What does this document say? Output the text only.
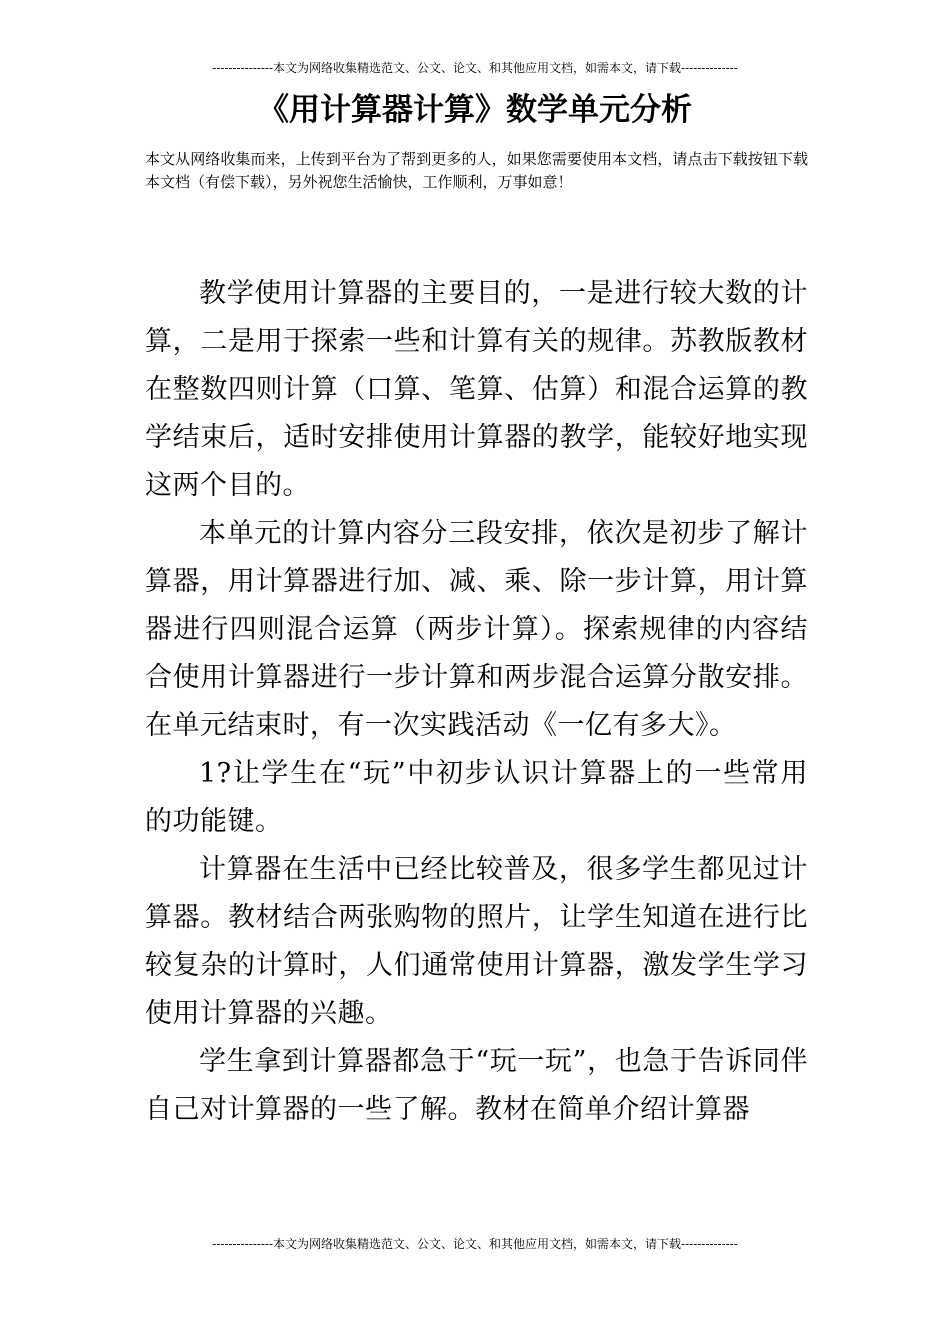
---------------本文为网络收集精选范文、公文、论文、和其他应用文档，如需本文，请下载--------------
《用计算器计算》数学单元分析
本文从网络收集而来，上传到平台为了帮到更多的人，如果您需要使用本文档，请点击下载按钮下载本文档（有偿下载），另外祝您生活愉快，工作顺利，万事如意！

教学使用计算器的主要目的，一是进行较大数的计算，二是用于探索一些和计算有关的规律。苏教版教材在整数四则计算（口算、笔算、估算）和混合运算的教学结束后，适时安排使用计算器的教学，能较好地实现这两个目的。

本单元的计算内容分三段安排，依次是初步了解计算器，用计算器进行加、减、乘、除一步计算，用计算器进行四则混合运算（两步计算）。探索规律的内容结合使用计算器进行一步计算和两步混合运算分散安排。在单元结束时，有一次实践活动《一亿有多大》。

1?让学生在“玩”中初步认识计算器上的一些常用的功能键。

计算器在生活中已经比较普及，很多学生都见过计算器。教材结合两张购物的照片，让学生知道在进行比较复杂的计算时，人们通常使用计算器，激发学生学习使用计算器的兴趣。

学生拿到计算器都急于“玩一玩”，也急于告诉同伴自己对计算器的一些了解。教材在简单介绍计算器

---------------本文为网络收集精选范文、公文、论文、和其他应用文档，如需本文，请下载--------------
